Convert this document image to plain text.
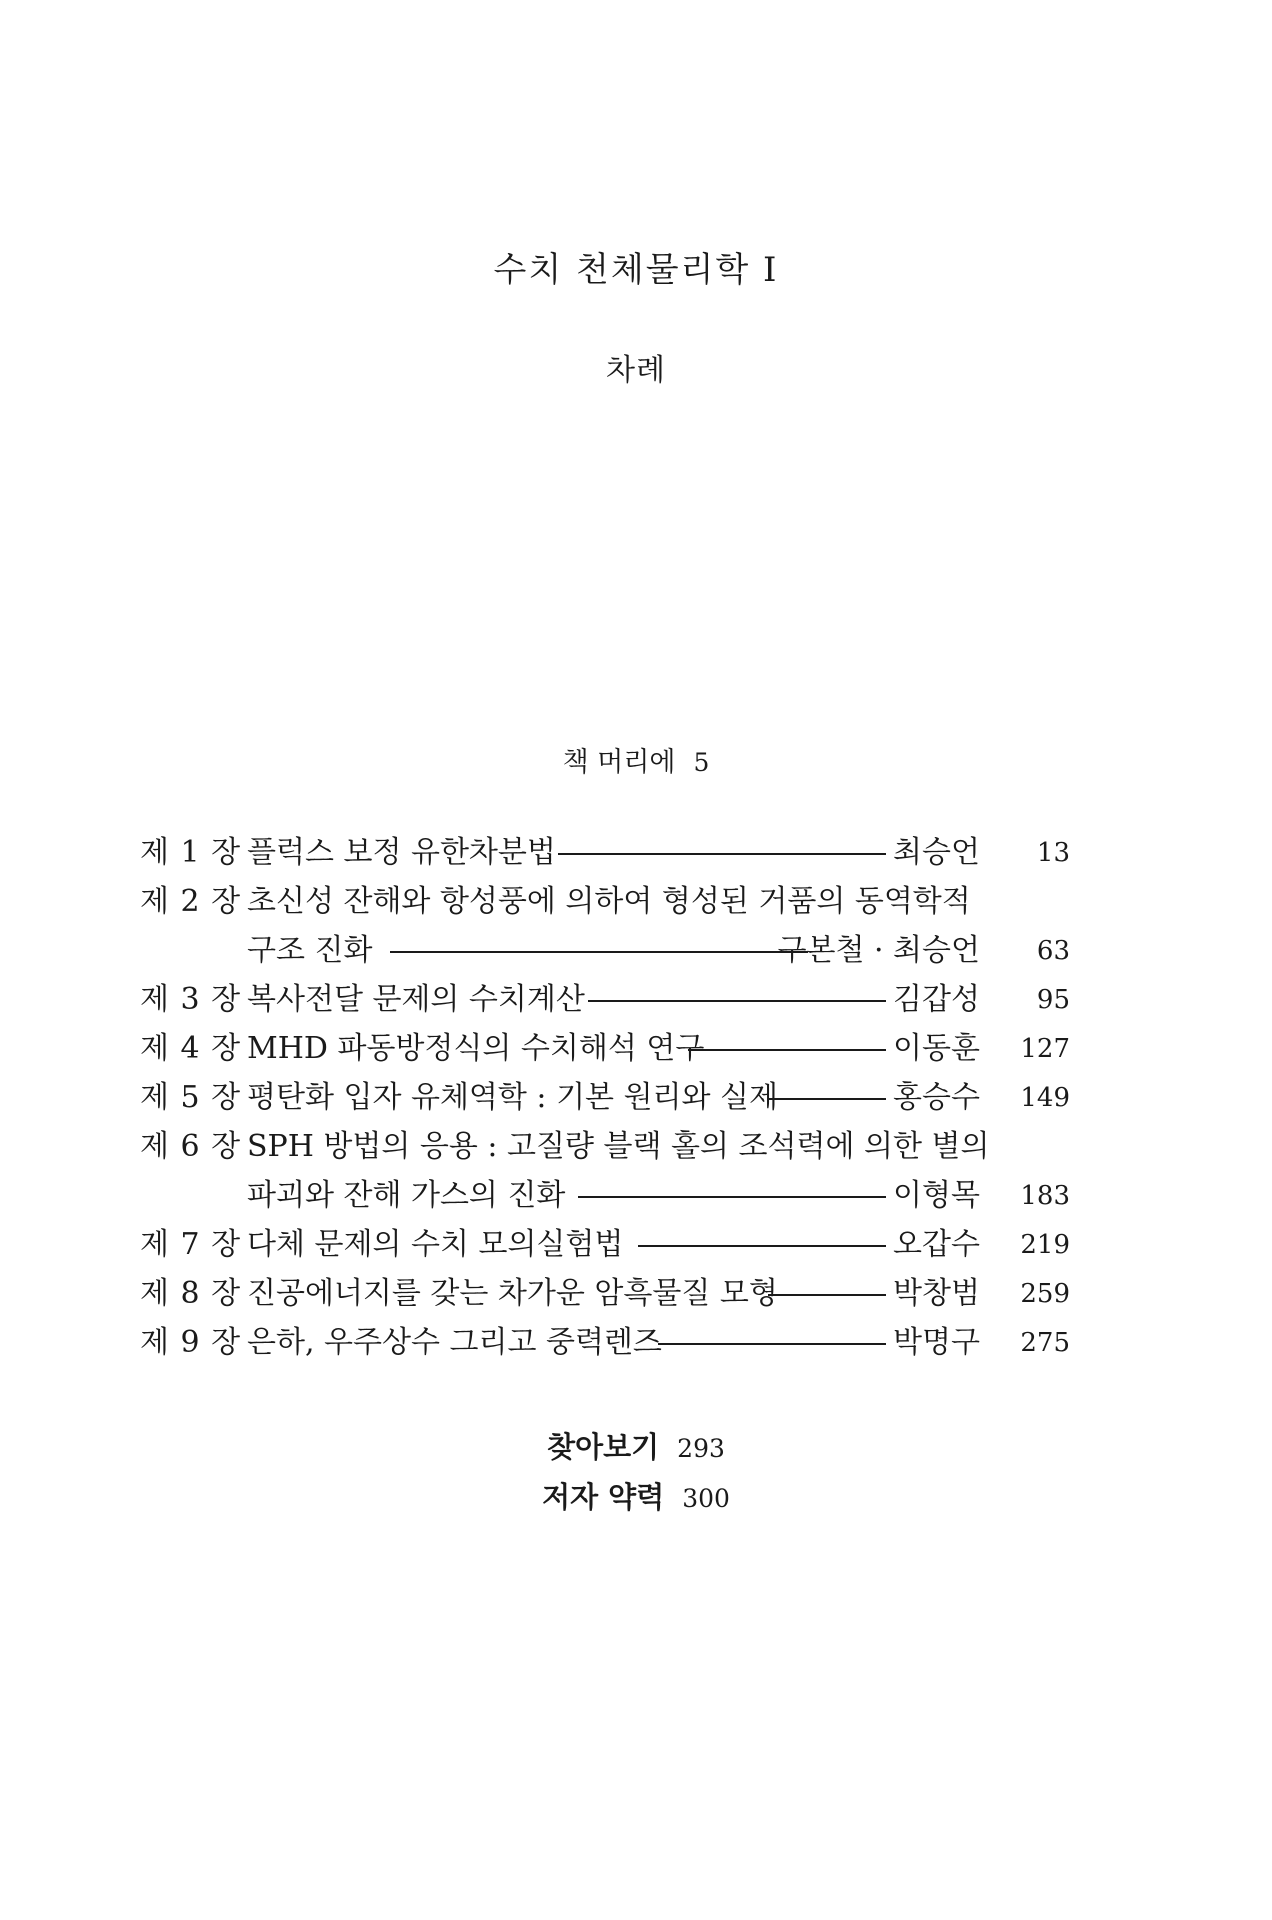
수치 천체물리학 I
차례
책 머리에 5
제 1 장 플럭스 보정 유한차분법	최승언	13
제 2 장 초신성 잔해와 항성풍에 의하여 형성된 거품의 동역학적
구조 진화	구본철 · 최승언	63
제 3 장 복사전달 문제의 수치계산	김갑성	95
제 4 장 MHD 파동방정식의 수치해석 연구	이동훈	127
제 5 장 평탄화 입자 유체역학 : 기본 원리와 실제	홍승수	149
제 6 장 SPH 방법의 응용 : 고질량 블랙 홀의 조석력에 의한 별의
파괴와 잔해 가스의 진화	이형목	183
제 7 장 다체 문제의 수치 모의실험법	오갑수	219
제 8 장 진공에너지를 갖는 차가운 암흑물질 모형	박창범	259
제 9 장 은하, 우주상수 그리고 중력렌즈	박명구	275
찾아보기 293
저자 약력 300
